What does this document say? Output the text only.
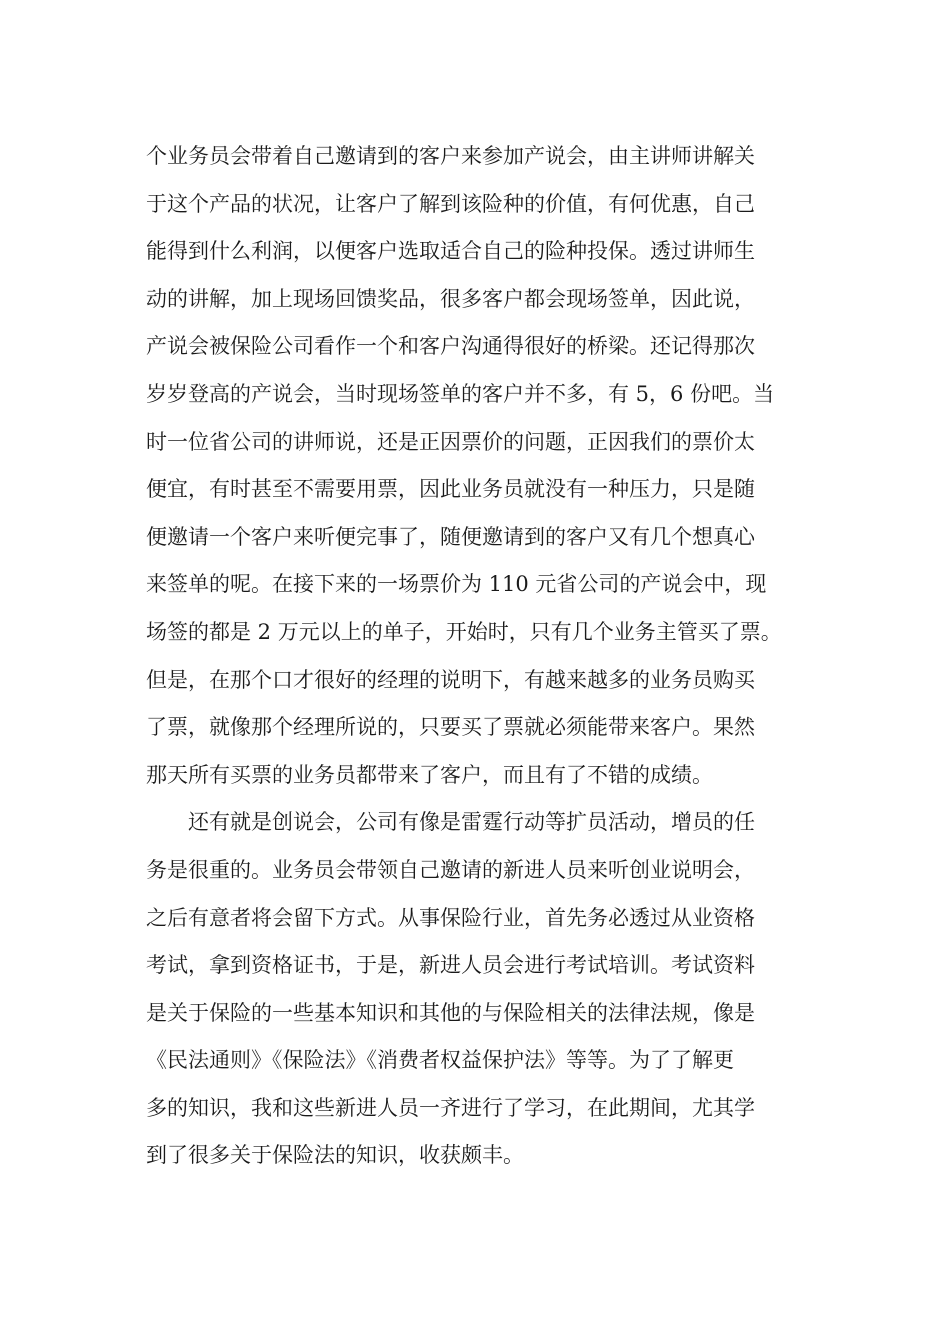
个业务员会带着自己邀请到的客户来参加产说会，由主讲师讲解关
于这个产品的状况，让客户了解到该险种的价值，有何优惠，自己
能得到什么利润，以便客户选取适合自己的险种投保。透过讲师生
动的讲解，加上现场回馈奖品，很多客户都会现场签单，因此说，
产说会被保险公司看作一个和客户沟通得很好的桥梁。还记得那次
岁岁登高的产说会，当时现场签单的客户并不多，有 5，6 份吧。当
时一位省公司的讲师说，还是正因票价的问题，正因我们的票价太
便宜，有时甚至不需要用票，因此业务员就没有一种压力，只是随
便邀请一个客户来听便完事了，随便邀请到的客户又有几个想真心
来签单的呢。在接下来的一场票价为 110 元省公司的产说会中，现
场签的都是 2 万元以上的单子，开始时，只有几个业务主管买了票。
但是，在那个口才很好的经理的说明下，有越来越多的业务员购买
了票，就像那个经理所说的，只要买了票就必须能带来客户。果然
那天所有买票的业务员都带来了客户，而且有了不错的成绩。
还有就是创说会，公司有像是雷霆行动等扩员活动，增员的任
务是很重的。业务员会带领自己邀请的新进人员来听创业说明会，
之后有意者将会留下方式。从事保险行业，首先务必透过从业资格
考试，拿到资格证书，于是，新进人员会进行考试培训。考试资料
是关于保险的一些基本知识和其他的与保险相关的法律法规，像是
《民法通则》《保险法》《消费者权益保护法》等等。为了了解更
多的知识，我和这些新进人员一齐进行了学习，在此期间，尤其学
到了很多关于保险法的知识，收获颇丰。
